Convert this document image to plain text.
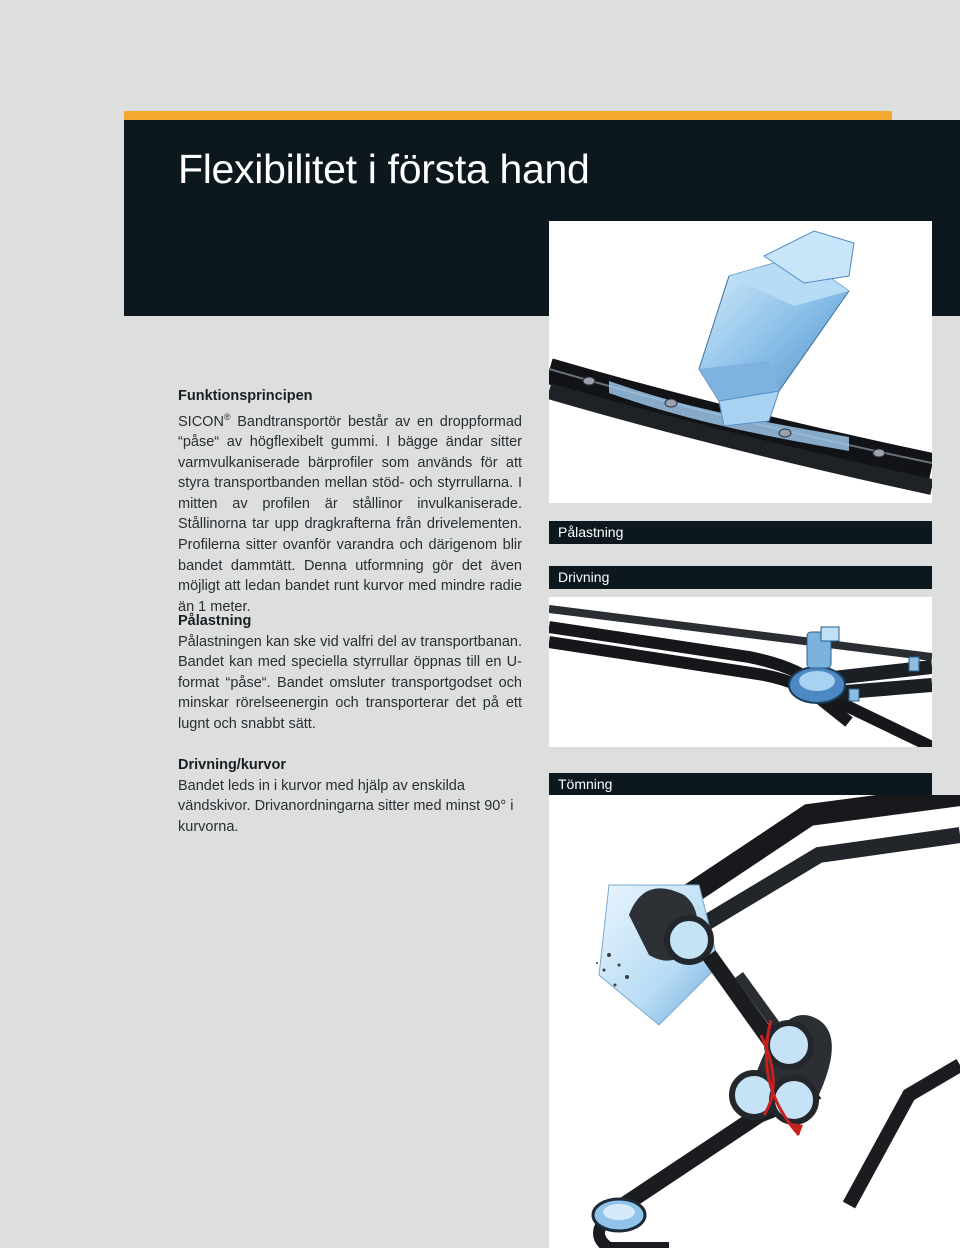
Flexibilitet i första hand
Funktionsprincipen

SICON® Bandtransportör består av en droppformad “påse“ av högflexibelt gummi. I bägge ändar sitter varmvulkaniserade bärprofiler som används för att styra transportbanden mellan stöd- och styrrullarna. I mitten av profilen är stållinor invulkaniserade. Stållinorna tar upp dragkrafterna från drivelementen. Profilerna sitter ovanför varandra och därigenom blir bandet dammtätt. Denna utformning gör det även möjligt att ledan bandet runt kurvor med mindre radie än 1 meter.

Pålastning

Pålastningen kan ske vid valfri del av transportbanan. Bandet kan med speciella styrrullar öppnas till en U-format “påse“. Bandet omsluter transportgodset och minskar rörelseenergin och transporterar det på ett lugnt och snabbt sätt.

Drivning/kurvor

Bandet leds in i kurvor med hjälp av enskilda vändskivor. Drivanordningarna sitter med minst 90° i kurvorna.

Pålastning
Drivning
Tömning
